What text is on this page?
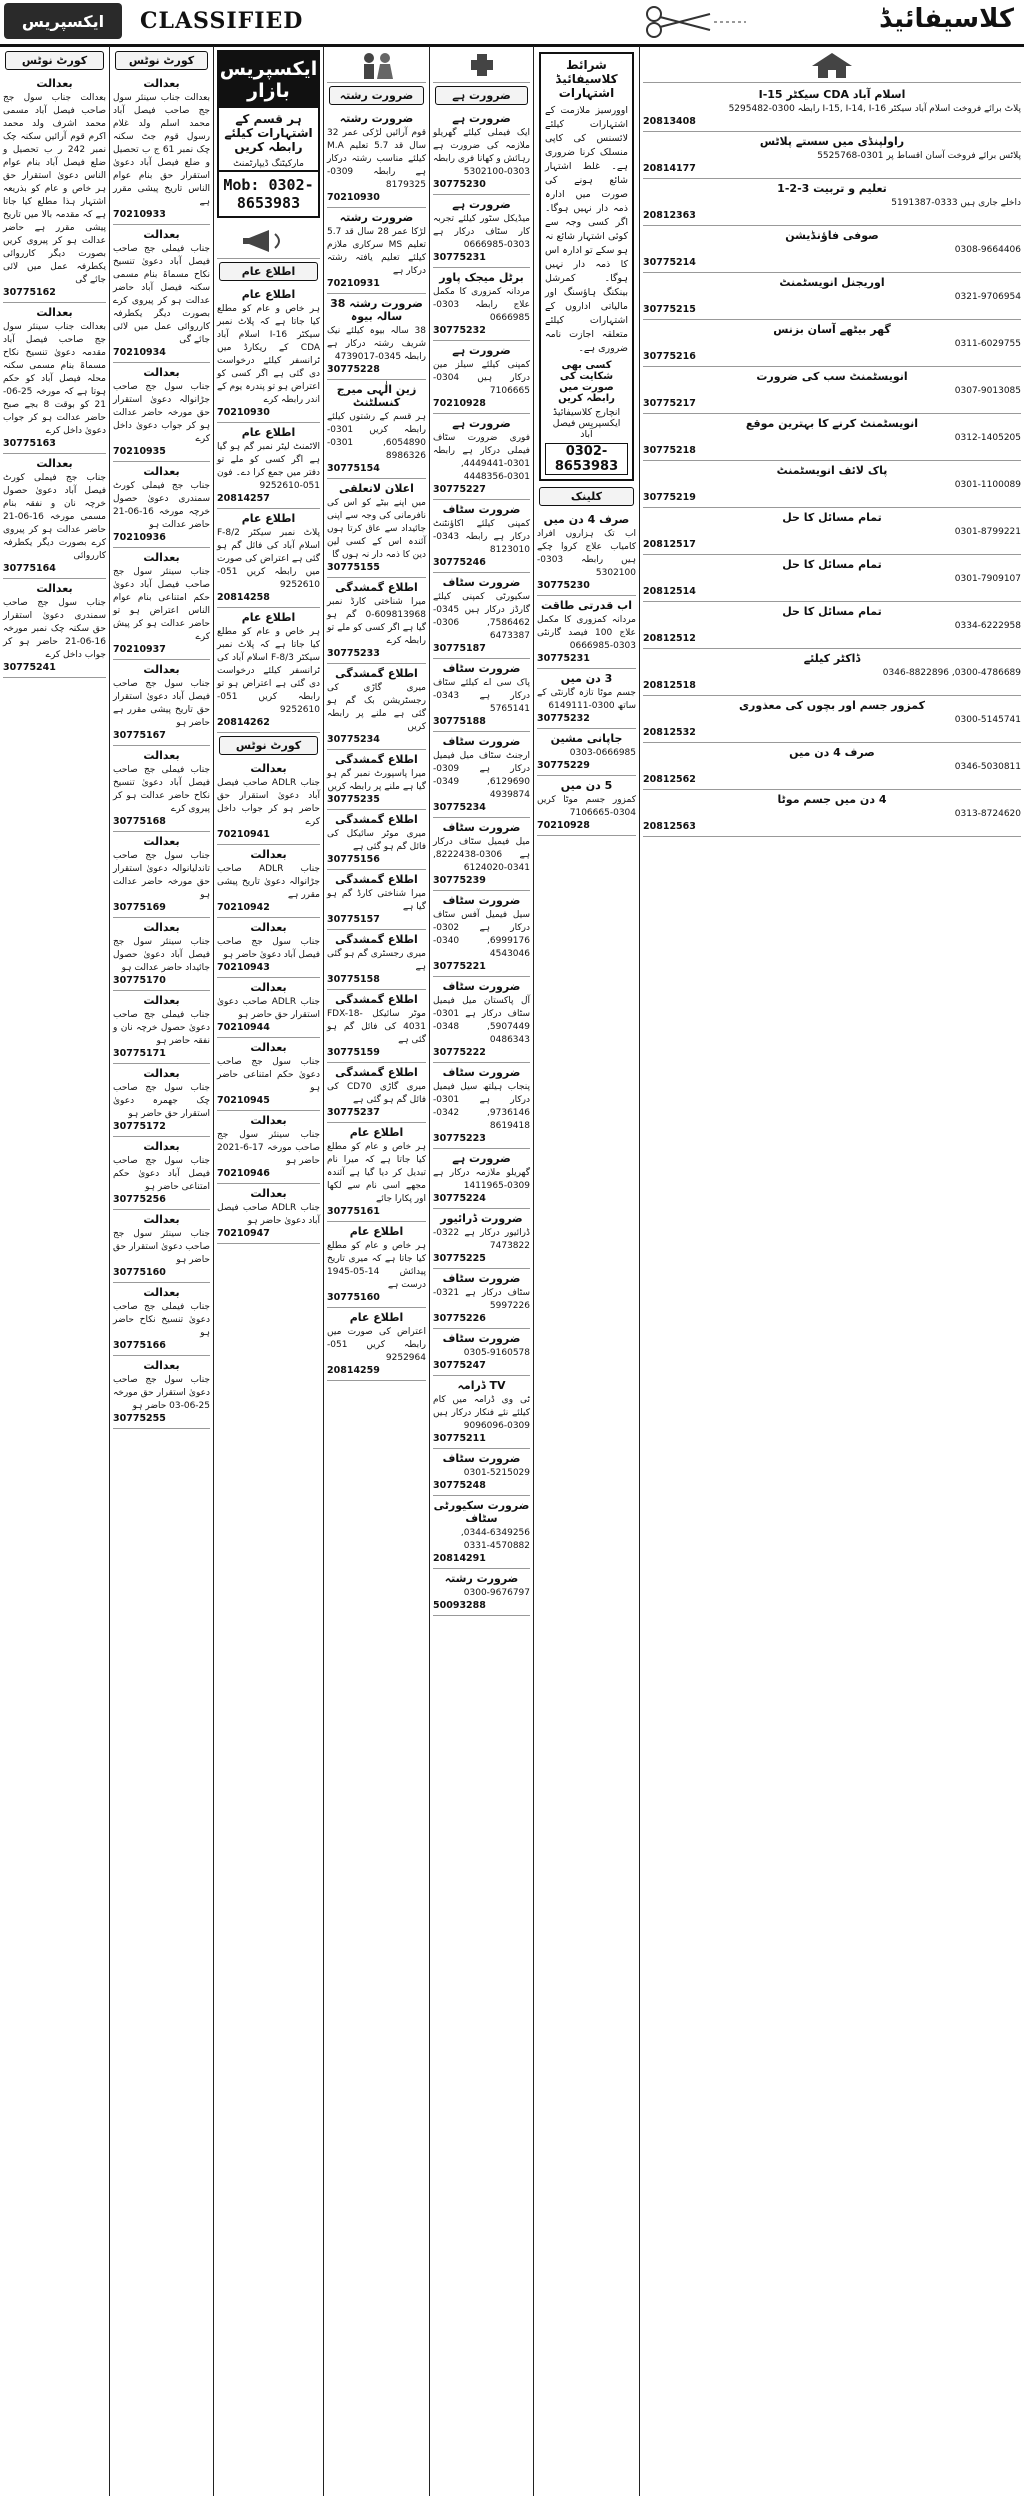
ایکسپریس CLASSIFIED	کلاسیفائیڈ
کورٹ نوٹس
بعدالت
بعدالت جناب سول جج صاحب فیصل آباد مسمی محمد اشرف ولد محمد اکرم قوم آرائیں سکنہ چک نمبر 242 ر ب تحصیل و ضلع فیصل آباد بنام عوام الناس دعویٰ استقرار حق ہر خاص و عام کو بذریعہ اشتہار ہذا مطلع کیا جاتا ہے کہ مقدمہ بالا میں تاریخ پیشی مقرر ہے حاضر عدالت ہو کر پیروی کریں بصورت دیگر کارروائی یکطرفہ عمل میں لائی جائے گی
30775162
بعدالت
بعدالت جناب سینئر سول جج صاحب فیصل آباد مقدمہ دعویٰ تنسیخ نکاح مسماۃ بنام مسمی سکنہ محلہ فیصل آباد کو حکم ہوتا ہے کہ مورخہ 25-06-21 کو بوقت 8 بجے صبح حاضر عدالت ہو کر جواب دعویٰ داخل کرے
30775163
بعدالت
جناب جج فیملی کورٹ فیصل آباد دعویٰ حصول خرچہ نان و نفقہ بنام مسمی مورخہ 16-06-21 حاضر عدالت ہو کر پیروی کرے بصورت دیگر یکطرفہ کارروائی
30775164
بعدالت
جناب سول جج صاحب سمندری دعویٰ استقرار حق سکنہ چک نمبر مورخہ 16-06-21 حاضر ہو کر جواب داخل کرے
30775241
کورٹ نوٹس
بعدالت
بعدالت جناب سینئر سول جج صاحب فیصل آباد محمد اسلم ولد غلام رسول قوم جٹ سکنہ چک نمبر 61 ج ب تحصیل و ضلع فیصل آباد دعویٰ استقرار حق بنام عوام الناس تاریخ پیشی مقرر ہے
70210933
بعدالت
جناب فیملی جج صاحب فیصل آباد دعویٰ تنسیخ نکاح مسماۃ بنام مسمی سکنہ فیصل آباد حاضر عدالت ہو کر پیروی کرے بصورت دیگر یکطرفہ کارروائی عمل میں لائی جائے گی
70210934
بعدالت
جناب سول جج صاحب جڑانوالہ دعویٰ استقرار حق مورخہ حاضر عدالت ہو کر جواب دعویٰ داخل کرے
70210935
بعدالت
جناب جج فیملی کورٹ سمندری دعویٰ حصول خرچہ مورخہ 16-06-21 حاضر عدالت ہو
70210936
بعدالت
جناب سینئر سول جج صاحب فیصل آباد دعویٰ حکم امتناعی بنام عوام الناس اعتراض ہو تو حاضر عدالت ہو کر پیش کرے
70210937
بعدالت
جناب سول جج صاحب فیصل آباد دعویٰ استقرار حق تاریخ پیشی مقرر ہے حاضر ہو
30775167
بعدالت
جناب فیملی جج صاحب فیصل آباد دعویٰ تنسیخ نکاح حاضر عدالت ہو کر پیروی کرے
30775168
بعدالت
جناب سول جج صاحب تاندلیانوالہ دعویٰ استقرار حق مورخہ حاضر عدالت ہو
30775169
بعدالت
جناب سینئر سول جج فیصل آباد دعویٰ حصول جائیداد حاضر عدالت ہو
30775170
بعدالت
جناب فیملی جج صاحب دعویٰ حصول خرچہ نان و نفقہ حاضر ہو
30775171
بعدالت
جناب سول جج صاحب چک جھمرہ دعویٰ استقرار حق حاضر ہو
30775172
بعدالت
جناب سول جج صاحب فیصل آباد دعویٰ حکم امتناعی حاضر ہو
30775256
بعدالت
جناب سینئر سول جج صاحب دعویٰ استقرار حق حاضر ہو
30775160
بعدالت
جناب فیملی جج صاحب دعویٰ تنسیخ نکاح حاضر ہو
30775166
بعدالت
جناب سول جج صاحب دعویٰ استقرار حق مورخہ 25-06-03 حاضر ہو
30775255
ایکسپریس بازار
ہر قسم کے اشتہارات کیلئے رابطہ کریں
مارکیٹنگ ڈیپارٹمنٹ
Mob: 0302-8653983
اطلاع عام
اطلاع عام
ہر خاص و عام کو مطلع کیا جاتا ہے کہ پلاٹ نمبر سیکٹر I-16 اسلام آباد CDA کے ریکارڈ میں ٹرانسفر کیلئے درخواست دی گئی ہے اگر کسی کو اعتراض ہو تو پندرہ یوم کے اندر رابطہ کرے
70210930
اطلاع عام
الاٹمنٹ لیٹر نمبر گم ہو گیا ہے اگر کسی کو ملے تو دفتر میں جمع کرا دے۔ فون 051-9252610
20814257
اطلاع عام
پلاٹ نمبر سیکٹر F-8/2 اسلام آباد کی فائل گم ہو گئی ہے اعتراض کی صورت میں رابطہ کریں 051-9252610
20814258
اطلاع عام
ہر خاص و عام کو مطلع کیا جاتا ہے کہ پلاٹ نمبر سیکٹر F-8/3 اسلام آباد کی ٹرانسفر کیلئے درخواست دی گئی ہے اعتراض ہو تو رابطہ کریں 051-9252610
20814262
کورٹ نوٹس
بعدالت
جناب ADLR صاحب فیصل آباد دعویٰ استقرار حق حاضر ہو کر جواب داخل کرے
70210941
بعدالت
جناب ADLR صاحب جڑانوالہ دعویٰ تاریخ پیشی مقرر ہے
70210942
بعدالت
جناب سول جج صاحب فیصل آباد دعویٰ حاضر ہو
70210943
بعدالت
جناب ADLR صاحب دعویٰ استقرار حق حاضر ہو
70210944
بعدالت
جناب سول جج صاحب دعویٰ حکم امتناعی حاضر ہو
70210945
بعدالت
جناب سینئر سول جج صاحب مورخہ 17-6-2021 حاضر ہو
70210946
بعدالت
جناب ADLR صاحب فیصل آباد دعویٰ حاضر ہو
70210947
ضرورت رشتہ
ضرورت رشتہ
قوم آرائیں لڑکی عمر 32 سال قد 5.7 تعلیم M.A کیلئے مناسب رشتہ درکار ہے رابطہ 0309-8179325
70210930
ضرورت رشتہ
لڑکا عمر 28 سال قد 5.7 تعلیم MS سرکاری ملازم کیلئے تعلیم یافتہ رشتہ درکار ہے
70210931
ضرورت رشتہ 38 سالہ بیوہ
38 سالہ بیوہ کیلئے نیک شریف رشتہ درکار ہے رابطہ 0345-4739017
30775228
زین الٰہی میرج کنسلٹنٹ
ہر قسم کے رشتوں کیلئے رابطہ کریں 0301-6054890, 0301-8986326
30775154
اعلان لاتعلقی
میں اپنے بیٹے کو اس کی نافرمانی کی وجہ سے اپنی جائیداد سے عاق کرتا ہوں آئندہ اس کے کسی لین دین کا ذمہ دار نہ ہوں گا
30775155
اطلاع گمشدگی
میرا شناختی کارڈ نمبر 609813968-0 گم ہو گیا ہے اگر کسی کو ملے تو رابطہ کرے
30775233
اطلاع گمشدگی
میری گاڑی کی رجسٹریشن بک گم ہو گئی ہے ملنے پر رابطہ کریں
30775234
اطلاع گمشدگی
میرا پاسپورٹ نمبر گم ہو گیا ہے ملنے پر رابطہ کریں
30775235
اطلاع گمشدگی
میری موٹر سائیکل کی فائل گم ہو گئی ہے
30775156
اطلاع گمشدگی
میرا شناختی کارڈ گم ہو گیا ہے
30775157
اطلاع گمشدگی
میری رجسٹری گم ہو گئی ہے
30775158
اطلاع گمشدگی
موٹر سائیکل FDX-18-4031 کی فائل گم ہو گئی ہے
30775159
اطلاع گمشدگی
میری گاڑی CD70 کی فائل گم ہو گئی ہے
30775237
اطلاع عام
ہر خاص و عام کو مطلع کیا جاتا ہے کہ میرا نام تبدیل کر دیا گیا ہے آئندہ مجھے اسی نام سے لکھا اور پکارا جائے
30775161
اطلاع عام
ہر خاص و عام کو مطلع کیا جاتا ہے کہ میری تاریخ پیدائش 14-05-1945 درست ہے
30775160
اطلاع عام
اعتراض کی صورت میں رابطہ کریں 051-9252964
20814259
ضرورت ہے
ضرورت ہے
ایک فیملی کیلئے گھریلو ملازمہ کی ضرورت ہے رہائش و کھانا فری رابطہ 0303-5302100
30775230
ضرورت ہے
میڈیکل سٹور کیلئے تجربہ کار سٹاف درکار ہے 0303-0666985
30775231
برٹل میجک پاور
مردانہ کمزوری کا مکمل علاج رابطہ 0303-0666985
30775232
ضرورت ہے
کمپنی کیلئے سیلز مین درکار ہیں 0304-7106665
70210928
ضرورت ہے
فوری ضرورت سٹاف فیملی درکار ہے رابطہ 0301-4449441, 0301-4448356
30775227
ضرورت سٹاف
کمپنی کیلئے اکاؤنٹنٹ درکار ہے رابطہ 0343-8123010
30775246
ضرورت سٹاف
سکیورٹی کمپنی کیلئے گارڈز درکار ہیں 0345-7586462, 0306-6473387
30775187
ضرورت سٹاف
پاک سی اے کیلئے سٹاف درکار ہے 0343-5765141
30775188
ضرورت سٹاف
ارجنٹ سٹاف میل فیمیل درکار ہے 0309-6129690, 0349-4939874
30775234
ضرورت سٹاف
میل فیمیل سٹاف درکار ہے 0306-8222438, 0341-6124020
30775239
ضرورت سٹاف
سیل فیمیل آفس سٹاف درکار ہے 0302-6999176, 0340-4543046
30775221
ضرورت سٹاف
آل پاکستان میل فیمیل سٹاف درکار ہے 0301-5907449, 0348-0486343
30775222
ضرورت سٹاف
پنجاب ہیلتھ سیل فیمیل درکار ہے 0301-9736146, 0342-8619418
30775223
ضرورت ہے
گھریلو ملازمہ درکار ہے 0309-1411965
30775224
ضرورت ڈرائیور
ڈرائیور درکار ہے 0322-7473822
30775225
ضرورت سٹاف
سٹاف درکار ہے 0321-5997226
30775226
ضرورت سٹاف
0305-9160578
30775247
TV ڈرامہ
ٹی وی ڈرامہ میں کام کیلئے نئے فنکار درکار ہیں 0309-9096096
30775211
ضرورت سٹاف
0301-5215029
30775248
ضرورت سکیورٹی سٹاف
0344-6349256, 0331-4570882
20814291
ضرورت رشتہ
0300-9676797
50093288
شرائط کلاسیفائیڈ اشتہارات
اوورسیز ملازمت کے اشتہارات کیلئے لائسنس کی کاپی منسلک کرنا ضروری ہے۔ غلط اشتہار شائع ہونے کی صورت میں ادارہ ذمہ دار نہیں ہوگا۔ اگر کسی وجہ سے کوئی اشتہار شائع نہ ہو سکے تو ادارہ اس کا ذمہ دار نہیں ہوگا۔ کمرشل بینکنگ ہاؤسنگ اور مالیاتی اداروں کے اشتہارات کیلئے متعلقہ اجازت نامہ ضروری ہے۔
کسی بھی شکایت کی صورت میں رابطہ کریں
انچارج کلاسیفائیڈ ایکسپریس فیصل آباد
0302-8653983
کلینک
صرف 4 دن میں
اب تک ہزاروں افراد کامیاب علاج کروا چکے ہیں رابطہ 0303-5302100
30775230
اب قدرتی طاقت
مردانہ کمزوری کا مکمل علاج 100 فیصد گارنٹی 0303-0666985
30775231
3 دن میں
جسم موٹا تازہ گارنٹی کے ساتھ 0300-6149111
30775232
جاپانی مشین
0303-0666985
30775229
5 دن میں
کمزور جسم موٹا کریں 0304-7106665
70210928
اسلام آباد CDA سیکٹر I-15
پلاٹ برائے فروخت اسلام آباد سیکٹر I-15, I-14, I-16 رابطہ 0300-5295482
20813408
راولپنڈی میں سستے پلاٹس
پلاٹس برائے فروخت آسان اقساط پر 0301-5525768
20814177
تعلیم و تربیت 3-2-1
داخلے جاری ہیں 0333-5191387
20812363
صوفی فاؤنڈیشن
0308-9664406
30775214
اوریجنل انویسٹمنٹ
0321-9706954
30775215
گھر بیٹھے آسان بزنس
0311-6029755
30775216
انویسٹمنٹ سب کی ضرورت
0307-9013085
30775217
انویسٹمنٹ کرنے کا بہترین موقع
0312-1405205
30775218
پاک لائف انویسٹمنٹ
0301-1100089
30775219
تمام مسائل کا حل
0301-8799221
20812517
تمام مسائل کا حل
0301-7909107
20812514
تمام مسائل کا حل
0334-6222958
20812512
ڈاکٹر کیلئے
0300-4786689, 0346-8822896
20812518
کمزور جسم اور بچوں کی معذوری
0300-5145741
20812532
صرف 4 دن میں
0346-5030811
20812562
4 دن میں جسم موٹا
0313-8724620
20812563
